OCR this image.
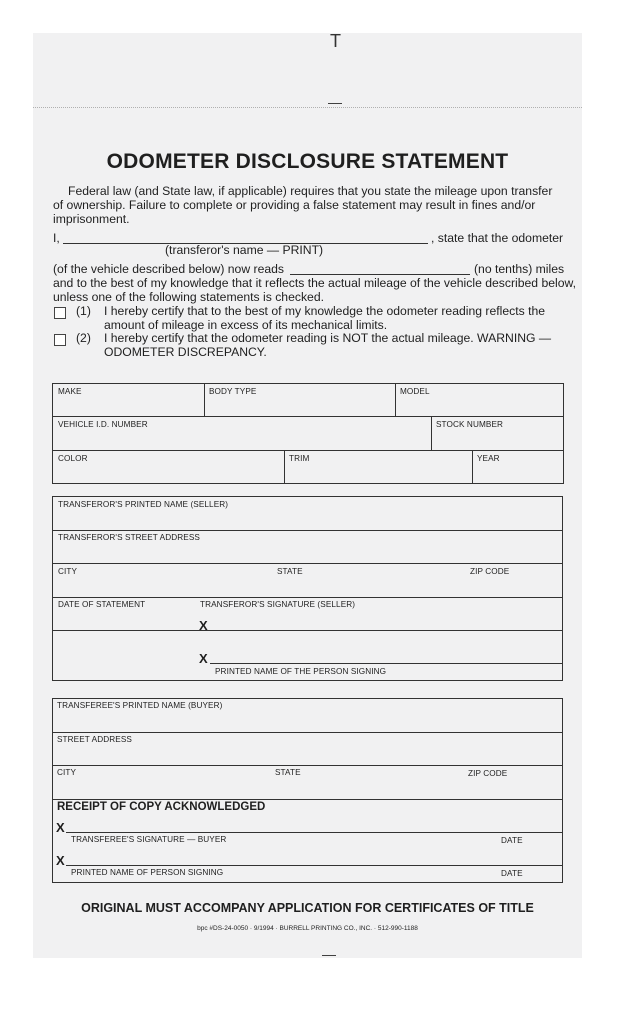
T
—
ODOMETER DISCLOSURE STATEMENT
Federal law (and State law, if applicable) requires that you state the mileage upon transfer
of ownership. Failure to complete or providing a false statement may result in fines and/or
imprisonment.
I,	, state that the odometer
(transferor's name — PRINT)
(of the vehicle described below) now reads	(no tenths) miles
and to the best of my knowledge that it reflects the actual mileage of the vehicle described below,
unless one of the following statements is checked.
(1) I hereby certify that to the best of my knowledge the odometer reading reflects the
amount of mileage in excess of its mechanical limits.
(2) I hereby certify that the odometer reading is NOT the actual mileage. WARNING —
ODOMETER DISCREPANCY.
MAKE	BODY TYPE	MODEL
VEHICLE I.D. NUMBER	STOCK NUMBER
COLOR	TRIM	YEAR
TRANSFEROR'S PRINTED NAME (SELLER)
TRANSFEROR'S STREET ADDRESS
CITY	STATE	ZIP CODE
DATE OF STATEMENT	TRANSFEROR'S SIGNATURE (SELLER)
X
X
PRINTED NAME OF THE PERSON SIGNING
TRANSFEREE'S PRINTED NAME (BUYER)
STREET ADDRESS
CITY	STATE	ZIP CODE
RECEIPT OF COPY ACKNOWLEDGED
X
TRANSFEREE'S SIGNATURE — BUYER	DATE
X
PRINTED NAME OF PERSON SIGNING	DATE
ORIGINAL MUST ACCOMPANY APPLICATION FOR CERTIFICATES OF TITLE
bpc #DS-24-0050 · 9/1994 · BURRELL PRINTING CO., INC. · 512-990-1188
—
